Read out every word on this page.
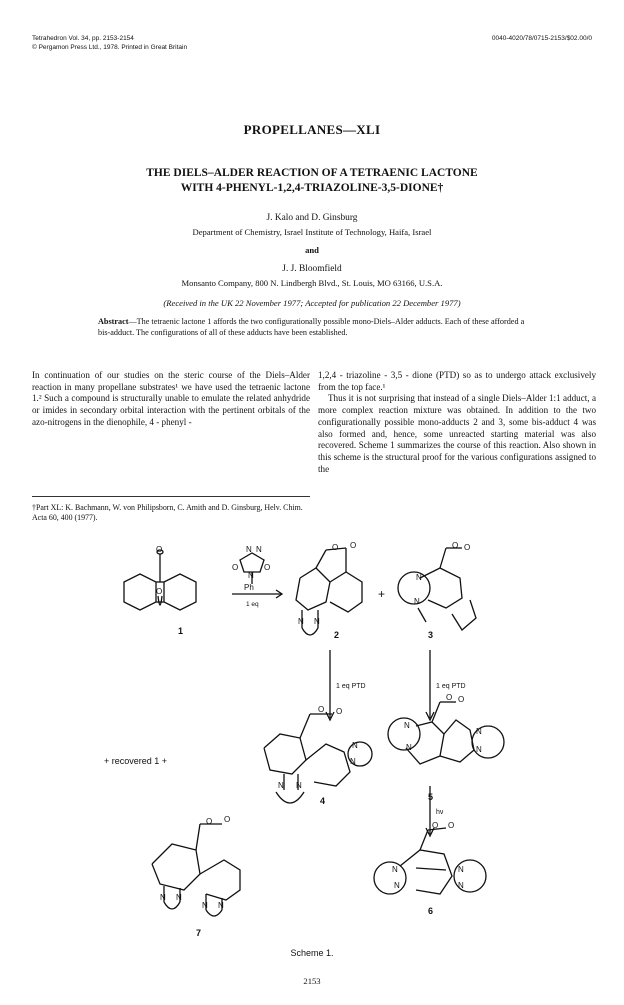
Tetrahedron Vol. 34, pp. 2153-2154
© Pergamon Press Ltd., 1978. Printed in Great Britain
0040-4020/78/0715-2153/$02.00/0
PROPELLANES—XLI
THE DIELS–ALDER REACTION OF A TETRAENIC LACTONE
WITH 4-PHENYL-1,2,4-TRIAZOLINE-3,5-DIONE†
J. Kalo and D. Ginsburg
Department of Chemistry, Israel Institute of Technology, Haifa, Israel
and
J. J. Bloomfield
Monsanto Company, 800 N. Lindbergh Blvd., St. Louis, MO 63166, U.S.A.
(Received in the UK 22 November 1977; Accepted for publication 22 December 1977)
Abstract—The tetraenic lactone 1 affords the two configurationally possible mono-Diels–Alder adducts. Each of these afforded a bis-adduct. The configurations of all of these adducts have been established.
In continuation of our studies on the steric course of the Diels–Alder reaction in many propellane substrates¹ we have used the tetraenic lactone 1.² Such a compound is structurally unable to emulate the related anhydride or imides in secondary orbital interaction with the pertinent orbitals of the azo-nitrogens in the dienophile, 4 - phenyl -
†Part XL: K. Bachmann, W. von Philipsborn, C. Amith and D. Ginsburg, Helv. Chim. Acta 60, 400 (1977).
1,2,4 - triazoline - 3,5 - dione (PTD) so as to undergo attack exclusively from the top face.¹
Thus it is not surprising that instead of a single Diels–Alder 1:1 adduct, a more complex reaction mixture was obtained. In addition to the two configurationally possible mono-adducts 2 and 3, some bis-adduct 4 was also formed and, hence, some unreacted starting material was also recovered. Scheme 1 summarizes the course of this reaction. Also shown in this scheme is the structural proof for the various configurations assigned to the
N N
O	O
N
Ph
1 eq
O
O
O O
N N
N
N
O O
O O
N
N
N N
N
N
O O
N
N
O O
N N
N N
N
N
O O
N
N
1 eq PTD	1 eq PTD
hν
+
+ recovered 1 +
1	2	3
4	5
6
7
Scheme 1.
2153
